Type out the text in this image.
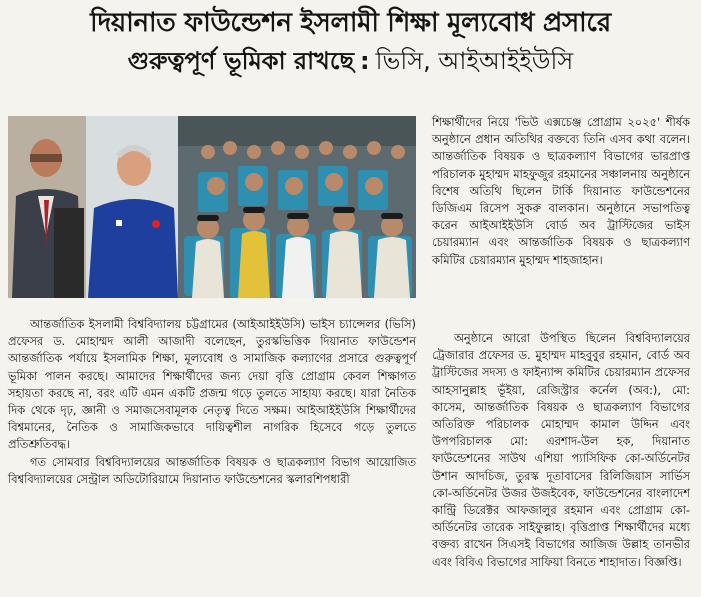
দিয়ানাত ফাউন্ডেশন ইসলামী শিক্ষা মূল্যবোধ প্রসারে
গুরুত্বপূর্ণ ভূমিকা রাখছে : ভিসি, আইআইইউসি

আন্তর্জাতিক ইসলামী বিশ্ববিদ্যালয় চট্টগ্রামের (আইআইইউসি) ভাইস চ্যান্সেলর (ভিসি) প্রফেসর ড. মোহাম্মদ আলী আজাদী বলেছেন, তুরস্কভিত্তিক দিয়ানাত ফাউন্ডেশন আন্তর্জাতিক পর্যায়ে ইসলামিক শিক্ষা, মূল্যবোধ ও সামাজিক কল্যাণের প্রসারে গুরুত্বপূর্ণ ভূমিকা পালন করছে। আমাদের শিক্ষার্থীদের জন্য দেয়া বৃত্তি প্রোগ্রাম কেবল শিক্ষাগত সহায়তা করছে না, বরং এটি এমন একটি প্রজন্ম গড়ে তুলতে সাহায্য করছে। যারা নৈতিক দিক থেকে দৃঢ়, জ্ঞানী ও সমাজসেবামূলক নেতৃত্ব দিতে সক্ষম। আইআইইউসি শিক্ষার্থীদের বিশ্বমানের, নৈতিক ও সামাজিকভাবে দায়িত্বশীল নাগরিক হিসেবে গড়ে তুলতে প্রতিশ্রুতিবদ্ধ।

গত সোমবার বিশ্ববিদ্যালয়ের আন্তর্জাতিক বিষয়ক ও ছাত্রকল্যাণ বিভাগ আয়োজিত বিশ্ববিদ্যালয়ের সেন্ট্রাল অডিটোরিয়ামে দিয়ানাত ফাউন্ডেশনের স্কলারশিপধারী

শিক্ষার্থীদের নিয়ে 'ভিউ এক্সচেঞ্জ প্রোগ্রাম ২০২৫' শীর্ষক অনুষ্ঠানে প্রধান অতিথির বক্তব্যে তিনি এসব কথা বলেন। আন্তর্জাতিক বিষয়ক ও ছাত্রকল্যাণ বিভাগের ভারপ্রাপ্ত পরিচালক মুহাম্মদ মাহফুজুর রহমানের সঞ্চালনায় অনুষ্ঠানে বিশেষ অতিথি ছিলেন টার্কি দিয়ানাত ফাউন্ডেশনের ডিজিএম রিসেপ সুকরু বালকান। অনুষ্ঠানে সভাপতিত্ব করেন আইআইইউসি বোর্ড অব ট্রাস্টিজের ভাইস চেয়ারম্যান এবং আন্তর্জাতিক বিষয়ক ও ছাত্রকল্যাণ কমিটির চেয়ারম্যান মুহাম্মদ শাহজাহান।

অনুষ্ঠানে আরো উপস্থিত ছিলেন বিশ্ববিদ্যালয়ের ট্রেজারার প্রফেসর ড. মুহাম্মদ মাহবুবুর রহমান, বোর্ড অব ট্রাস্টিজের সদস্য ও ফাইন্যান্স কমিটির চেয়ারম্যান প্রফেসর আহসানুল্লাহ ভূঁইয়া, রেজিস্ট্রার কর্নেল (অব:), মো: কাসেম, আন্তর্জাতিক বিষয়ক ও ছাত্রকল্যাণ বিভাগের অতিরিক্ত পরিচালক মোহাম্মদ কামাল উদ্দিন এবং উপপরিচালক মো: এরশাদ-উল হক, দিয়ানাত ফাউন্ডেশনের সাউথ এশিয়া প্যাসিফিক কো-অর্ডিনেটর উশান আদচিজ, তুরস্ক দূতাবাসের রিলিজিয়াস সার্ভিস কো-অর্ডিনেটর উজর উজইবেক, ফাউন্ডেশনের বাংলাদেশ কান্ট্রি ডিরেক্টর আফজালুর রহমান এবং প্রোগ্রাম কো-অর্ডিনেটর তারেক সাইফুল্লাহ। বৃত্তিপ্রাপ্ত শিক্ষার্থীদের মধ্যে বক্তব্য রাখেন সিএসই বিভাগের আজিজ উল্লাহ তানভীর এবং বিবিএ বিভাগের সাফিয়া বিনতে শাহাদাত। বিজ্ঞপ্তি।
